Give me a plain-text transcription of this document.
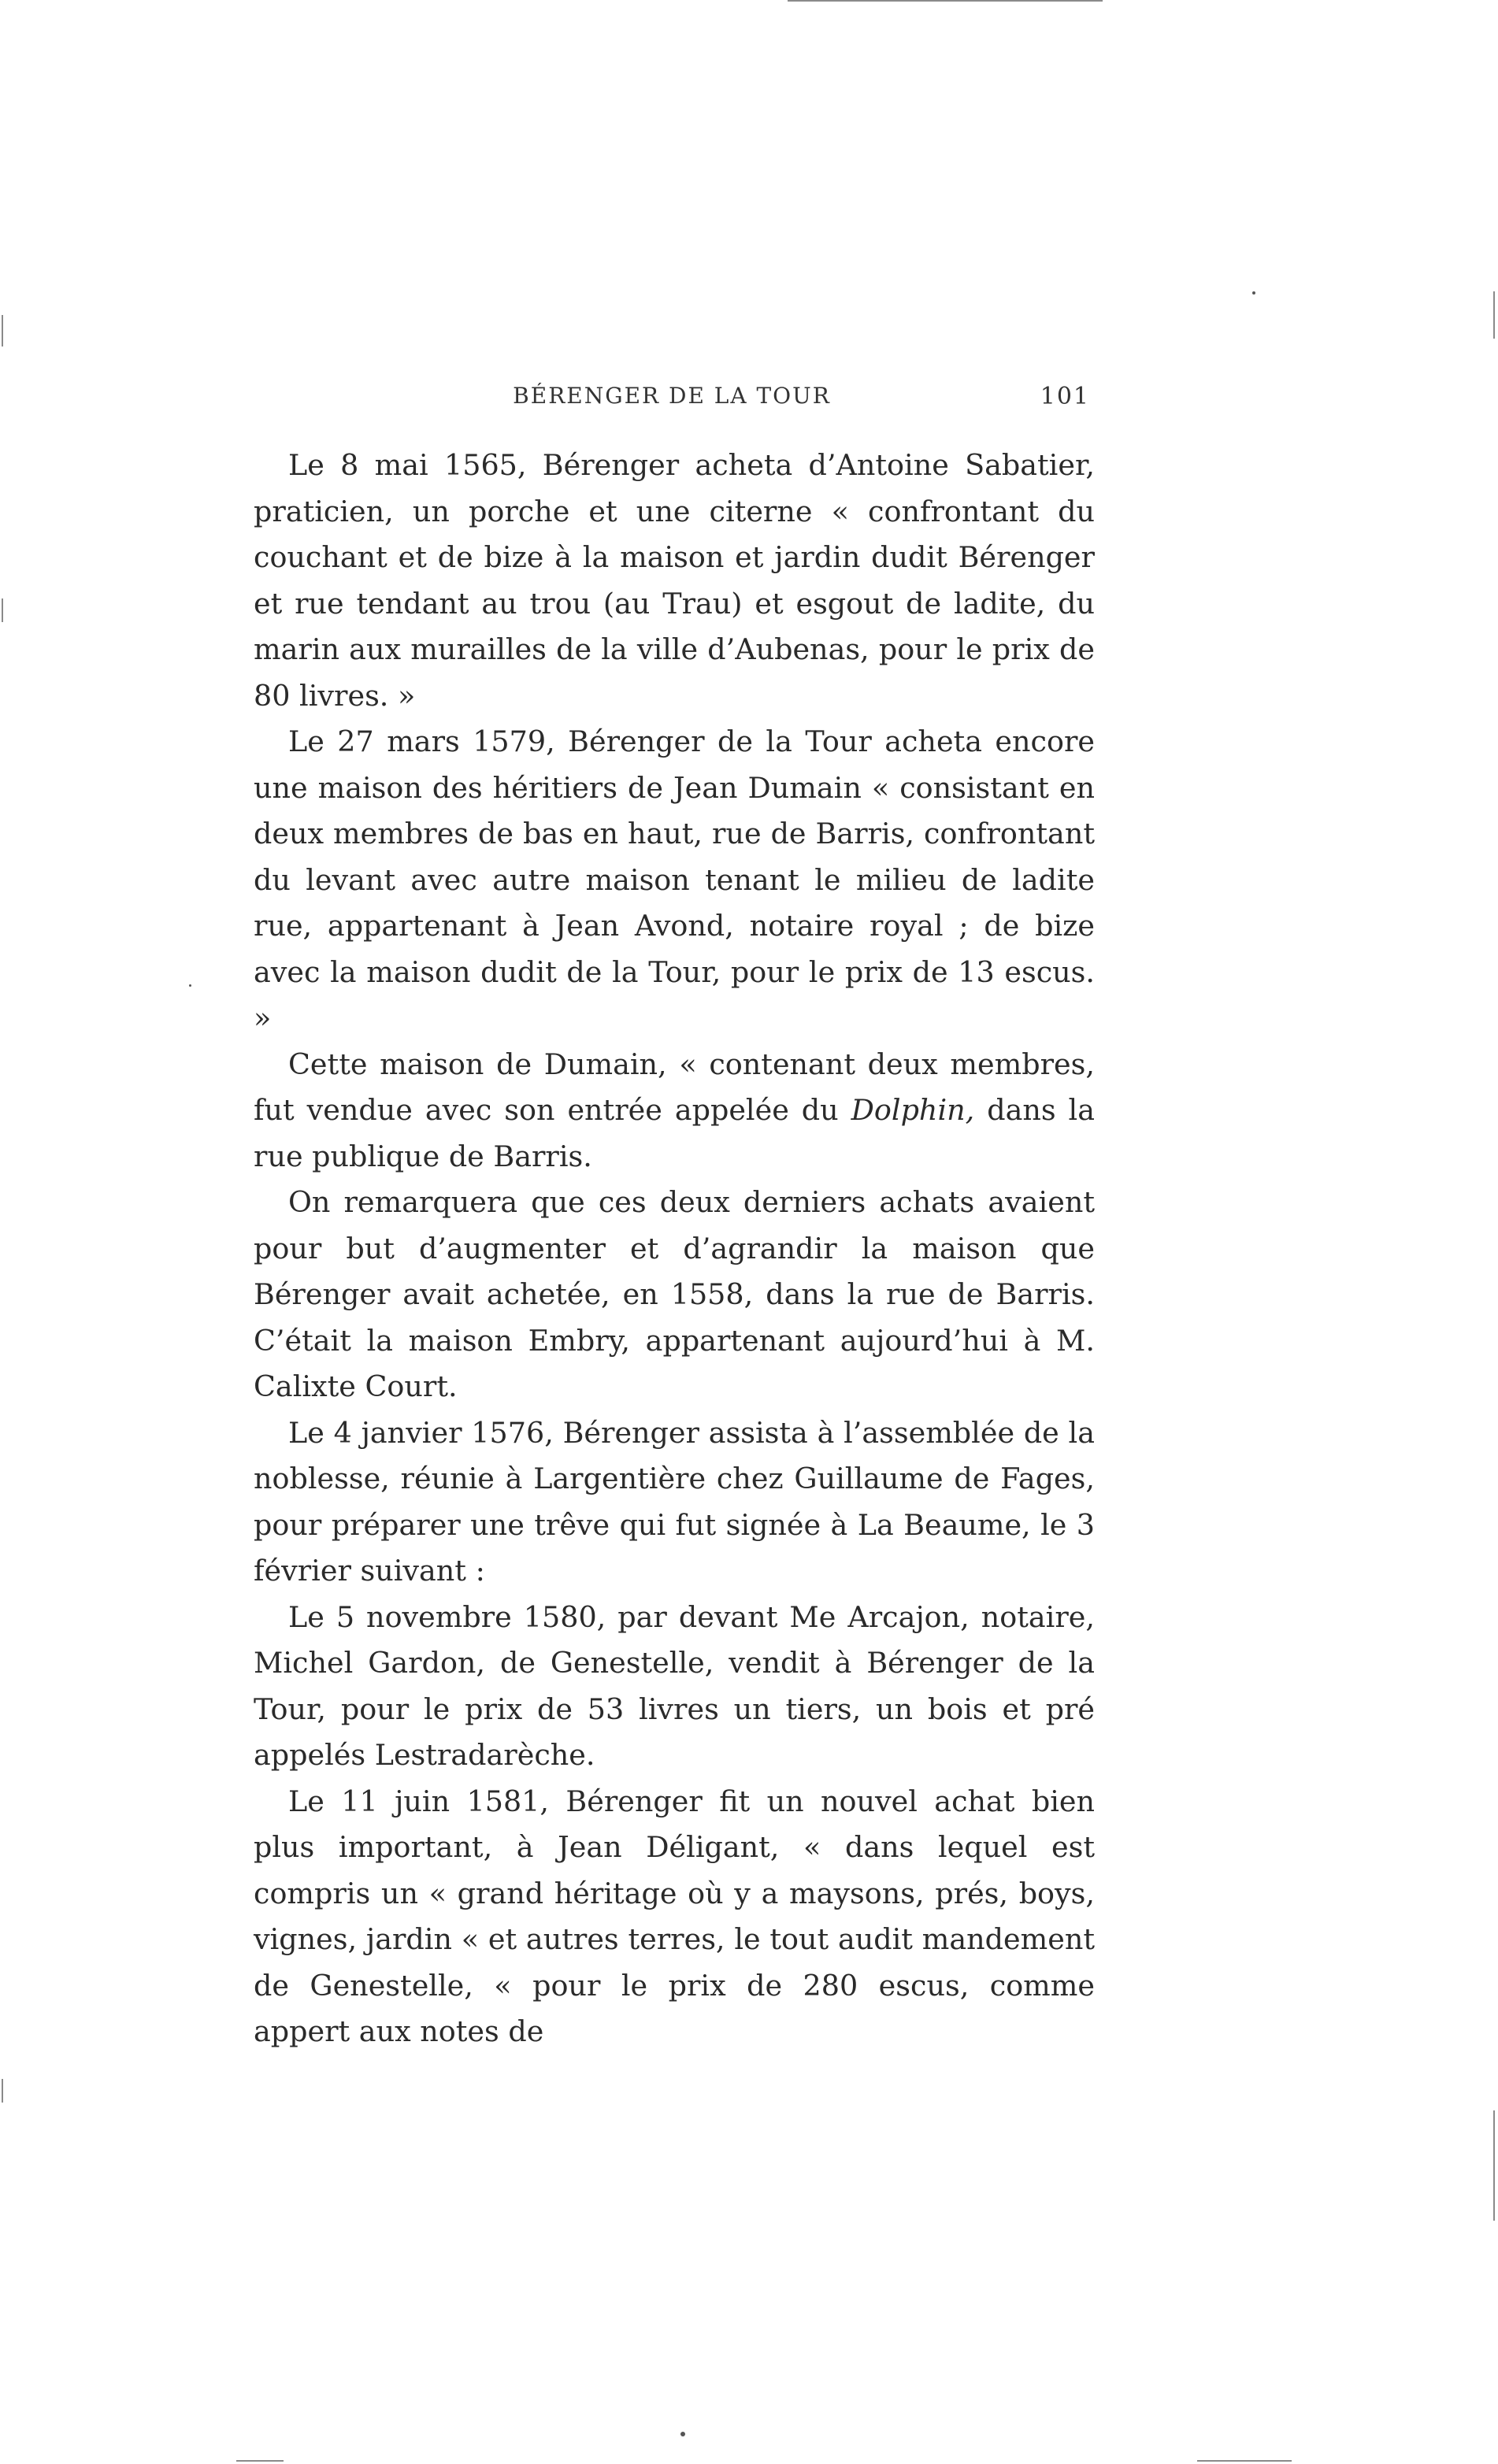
BÉRENGER DE LA TOUR	101

Le 8 mai 1565, Bérenger acheta d’Antoine Sabatier, praticien, un porche et une citerne « confrontant du couchant et de bize à la maison et jardin dudit Bérenger et rue tendant au trou (au Trau) et esgout de ladite, du marin aux murailles de la ville d’Aubenas, pour le prix de 80 livres. »

Le 27 mars 1579, Bérenger de la Tour acheta encore une maison des héritiers de Jean Dumain « consistant en deux membres de bas en haut, rue de Barris, confrontant du levant avec autre maison tenant le milieu de ladite rue, appartenant à Jean Avond, notaire royal ; de bize avec la maison dudit de la Tour, pour le prix de 13 escus. »

Cette maison de Dumain, « contenant deux membres, fut vendue avec son entrée appelée du Dolphin, dans la rue publique de Barris.

On remarquera que ces deux derniers achats avaient pour but d’augmenter et d’agrandir la maison que Bérenger avait achetée, en 1558, dans la rue de Barris. C’était la maison Embry, appartenant aujourd’hui à M. Calixte Court.

Le 4 janvier 1576, Bérenger assista à l’assemblée de la noblesse, réunie à Largentière chez Guillaume de Fages, pour préparer une trêve qui fut signée à La Beaume, le 3 février suivant :

Le 5 novembre 1580, par devant Me Arcajon, notaire, Michel Gardon, de Genestelle, vendit à Bérenger de la Tour, pour le prix de 53 livres un tiers, un bois et pré appelés Lestradarèche.

Le 11 juin 1581, Bérenger fit un nouvel achat bien plus important, à Jean Déligant, « dans lequel est compris un « grand héritage où y a maysons, prés, boys, vignes, jardin « et autres terres, le tout audit mandement de Genestelle, « pour le prix de 280 escus, comme appert aux notes de
